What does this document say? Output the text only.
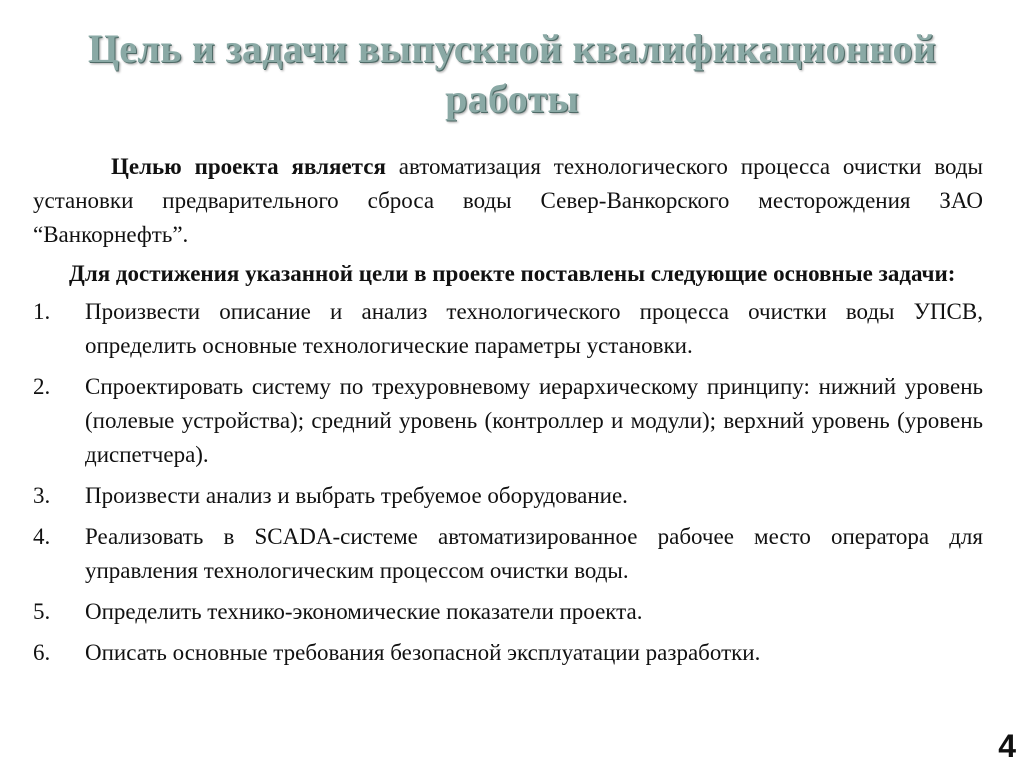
Цель и задачи выпускной квалификационной
работы

Целью проекта является автоматизация технологического процесса очистки воды установки предварительного сброса воды Север-Ванкорского месторождения ЗАО “Ванкорнефть”.

Для достижения указанной цели в проекте поставлены следующие основные задачи:

1.	Произвести описание и анализ технологического процесса очистки воды УПСВ, определить основные технологические параметры установки.
2.	Спроектировать систему по трехуровневому иерархическому принципу: нижний уровень (полевые устройства); средний уровень (контроллер и модули); верхний уровень (уровень диспетчера).
3.	Произвести анализ и выбрать требуемое оборудование.
4.	Реализовать в SCADA-системе автоматизированное рабочее место оператора для управления технологическим процессом очистки воды.
5.	Определить технико-экономические показатели проекта.
6.	Описать основные требования безопасной эксплуатации разработки.
4
